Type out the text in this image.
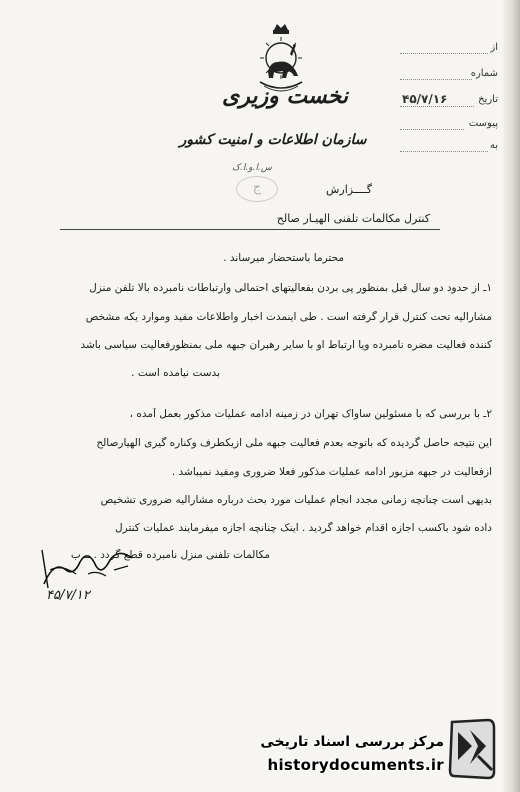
از
شماره
تاریخ
۴۵/۷/۱۶
پیوست
به
نخست وزیری
سازمان اطلاعات و امنیت کشور
س.ا.و.ا.ک
ج	گــــزارش
کنترل مکالمات تلفنی الهیـار صالح
محترما باستحضار میرساند .
۱ـ از حدود دو سال قبل بمنظور پی بردن بفعالیتهای احتمالی وارتباطات نامبرده بالا تلفن منزل
مشارالیه تحت کنترل قرار گرفته است . طی اینمدت اخبار واطلاعات مفید وموارد یکه مشخص
کننده فعالیت مضره نامبرده ویا ارتباط او با سایر رهبران جبهه ملی بمنظورفعالیت سیاسی باشد
بدست نیامده است .
۲ـ با بررسی که با مسئولین ساواک تهران در زمینه ادامه عملیات مذکور بعمل آمده ،
این نتیجه حاصل گردیده که باتوجه بعدم فعالیت جبهه ملی ازیکطرف وکناره گیری الهیارصالح
ازفعالیت در جبهه مزبور ادامه عملیات مذکور فعلا ضروری ومفید نمیباشد .
بدیهی است چنانچه زمانی مجدد انجام عملیات مورد بحث درباره مشارالیه ضروری تشخیص
داده شود باکسب اجازه اقدام خواهد گردید . اینک چنانچه اجازه میفرمایند عملیات کنترل
مکالمات تلفنی منزل نامبرده قطع گردد . ــ ب
۴۵/۷/۱۲
مرکز بررسی اسناد تاریخی
historydocuments.ir
